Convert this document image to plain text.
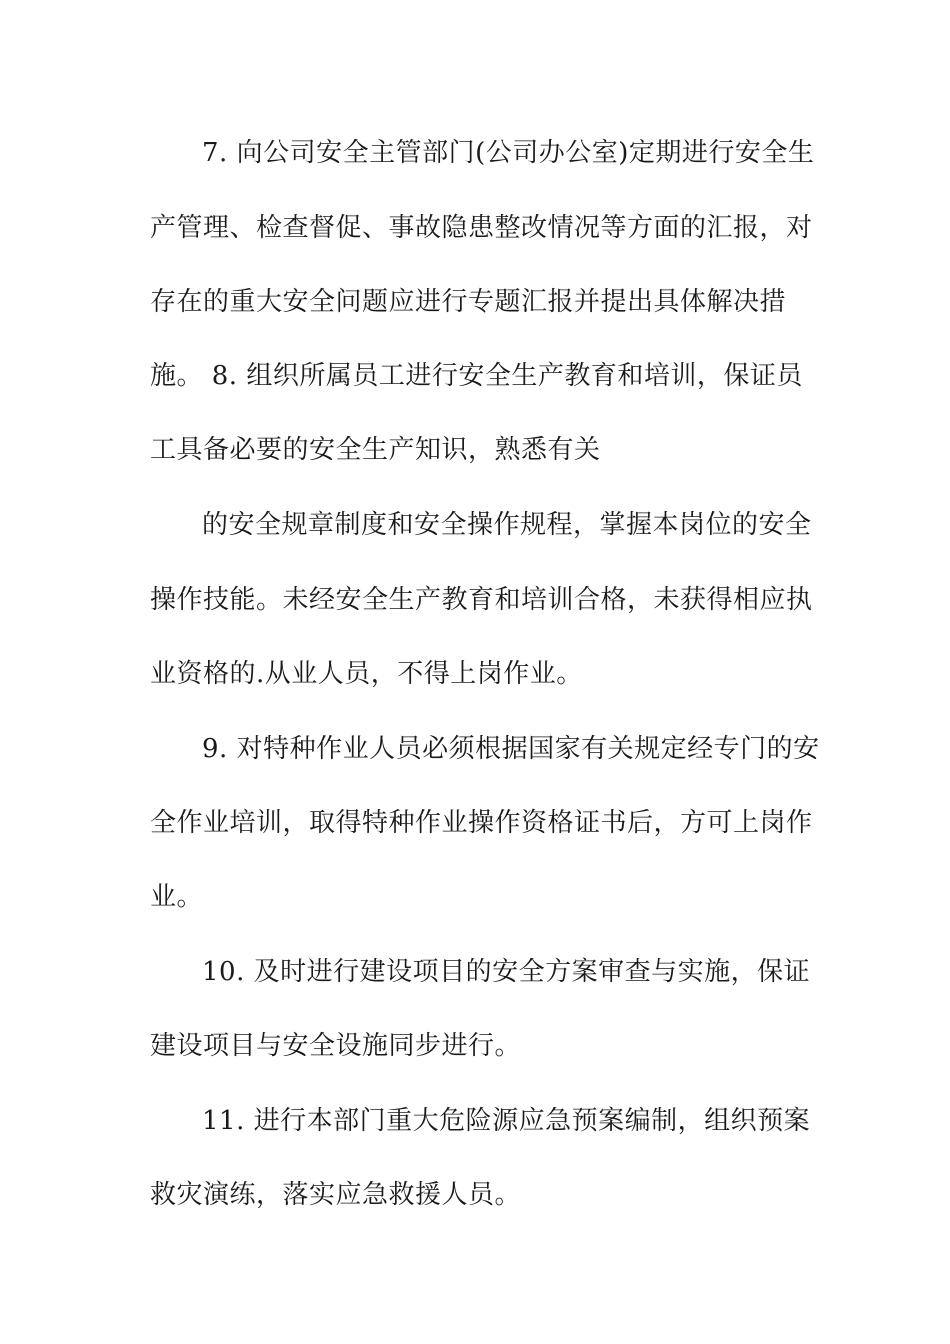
7. 向公司安全主管部门(公司办公室)定期进行安全生
产管理、检查督促、事故隐患整改情况等方面的汇报，对
存在的重大安全问题应进行专题汇报并提出具体解决措
施。 8. 组织所属员工进行安全生产教育和培训，保证员
工具备必要的安全生产知识，熟悉有关
的安全规章制度和安全操作规程，掌握本岗位的安全
操作技能。未经安全生产教育和培训合格，未获得相应执
业资格的.从业人员，不得上岗作业。
9. 对特种作业人员必须根据国家有关规定经专门的安
全作业培训，取得特种作业操作资格证书后，方可上岗作
业。
10. 及时进行建设项目的安全方案审查与实施，保证
建设项目与安全设施同步进行。
11. 进行本部门重大危险源应急预案编制，组织预案
救灾演练，落实应急救援人员。
